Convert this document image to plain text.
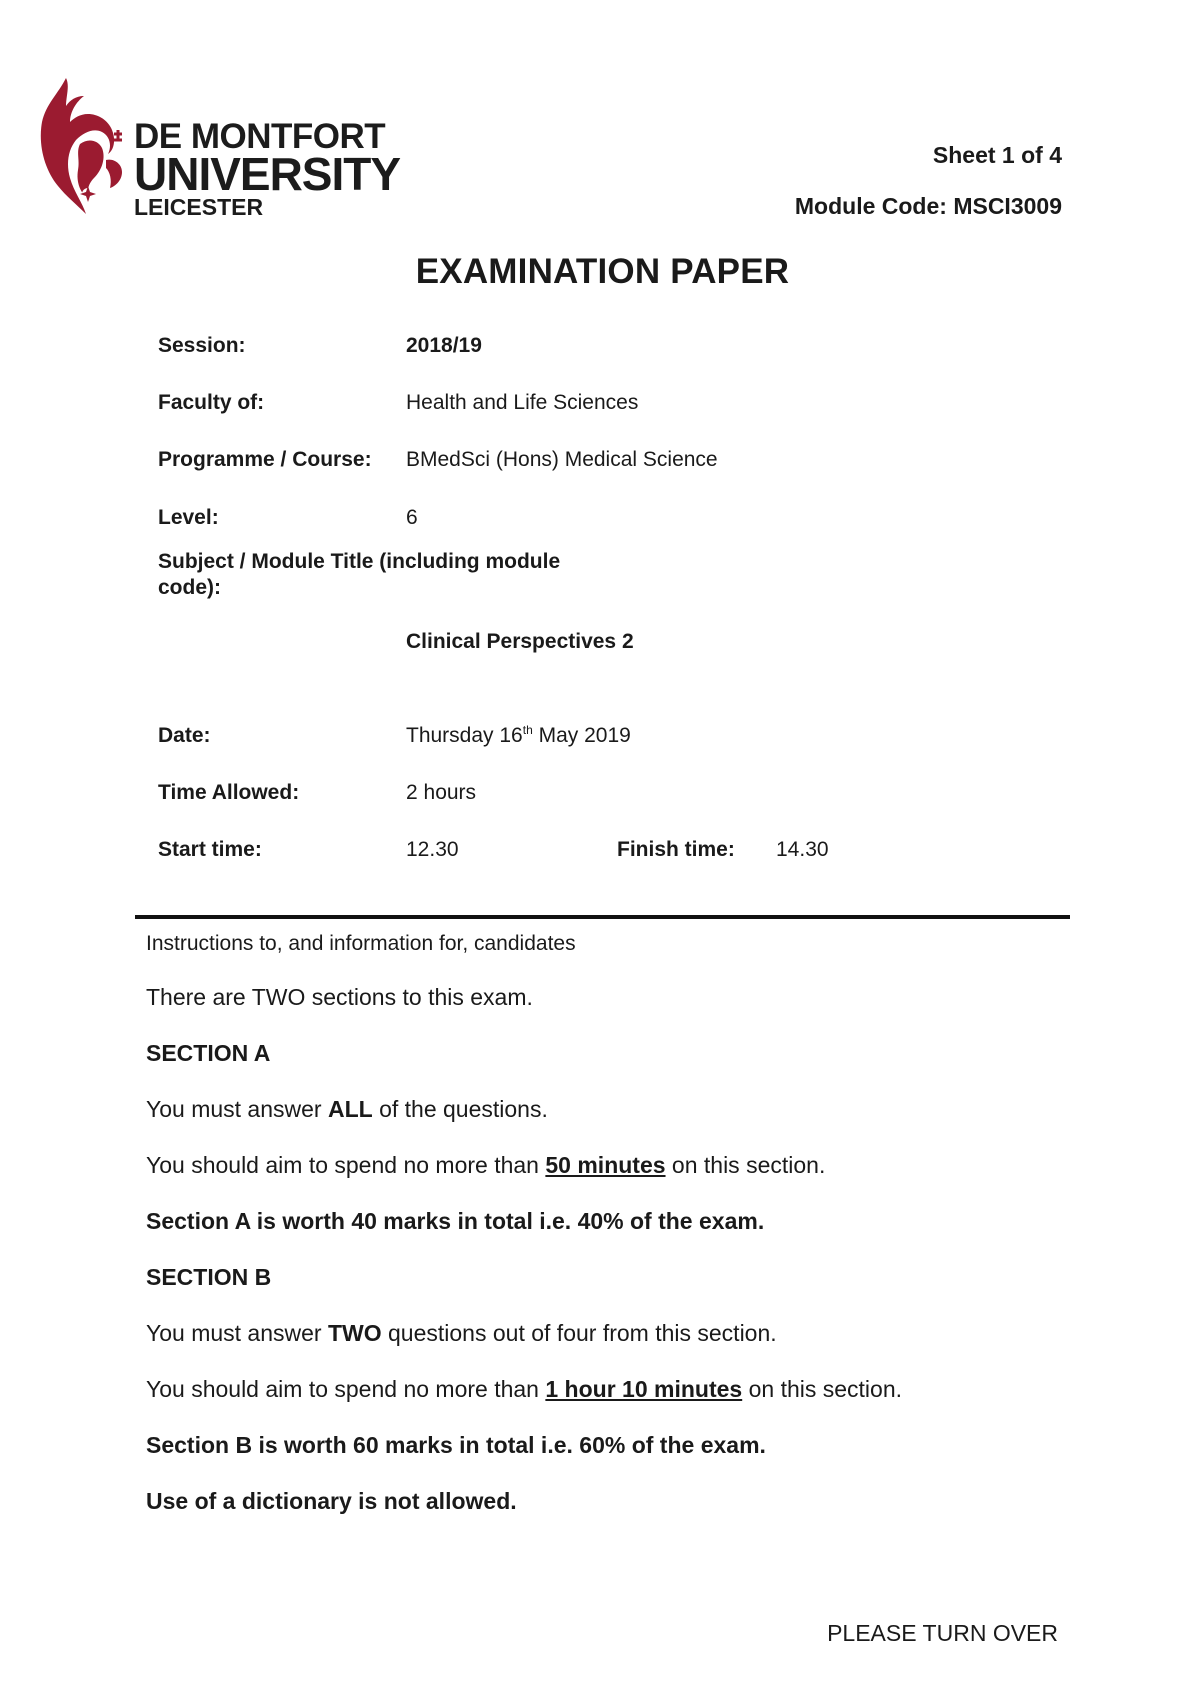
DE MONTFORT
UNIVERSITY
LEICESTER
Sheet 1 of 4
Module Code: MSCI3009
EXAMINATION PAPER
Session:	2018/19
Faculty of:	Health and Life Sciences
Programme / Course: BMedSci (Hons) Medical Science
Level:	6
Subject / Module Title (including module
code):
Clinical Perspectives 2
Date:	Thursday 16th May 2019
Time Allowed:	2 hours
Start time:	12.30	Finish time: 14.30
Instructions to, and information for, candidates
There are TWO sections to this exam.
SECTION A
You must answer ALL of the questions.
You should aim to spend no more than 50 minutes on this section.
Section A is worth 40 marks in total i.e. 40% of the exam.
SECTION B
You must answer TWO questions out of four from this section.
You should aim to spend no more than 1 hour 10 minutes on this section.
Section B is worth 60 marks in total i.e. 60% of the exam.
Use of a dictionary is not allowed.
PLEASE TURN OVER
